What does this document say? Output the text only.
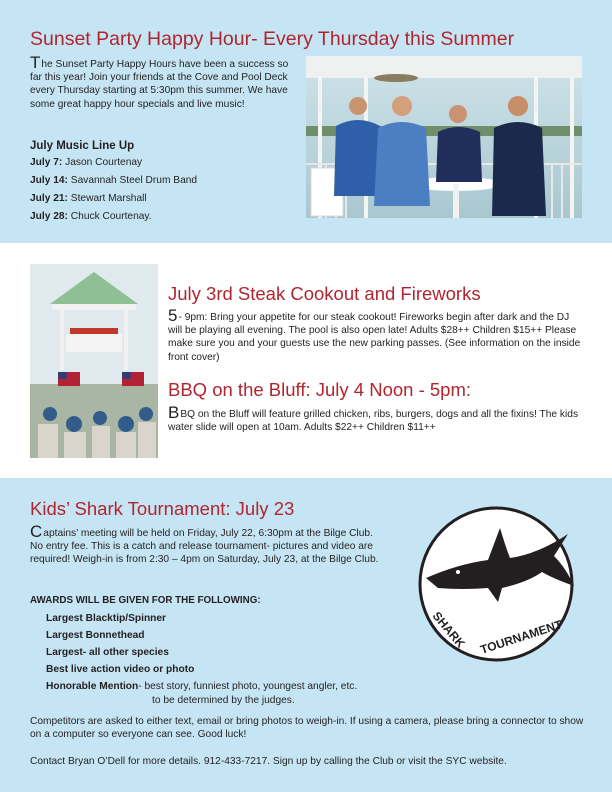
Sunset Party Happy Hour- Every Thursday this Summer

The Sunset Party Happy Hours have been a success so far this year! Join your friends at the Cove and Pool Deck every Thursday starting at 5:30pm this summer. We have some great happy hour specials and live music!

July Music Line Up
July 7: Jason Courtenay
July 14: Savannah Steel Drum Band
July 21: Stewart Marshall
July 28: Chuck Courtenay.
July 3rd Steak Cookout and Fireworks

5- 9pm: Bring your appetite for our steak cookout! Fireworks begin after dark and the DJ will be playing all evening. The pool is also open late! Adults $28++ Children $15++ Please make sure you and your guests use the new parking passes. (See information on the inside front cover)

BBQ on the Bluff: July 4 Noon - 5pm:

BBQ on the Bluff will feature grilled chicken, ribs, burgers, dogs and all the fixins! The kids water slide will open at 10am. Adults $22++ Children $11++

Kids’ Shark Tournament: July 23

Captains’ meeting will be held on Friday, July 22, 6:30pm at the Bilge Club. No entry fee. This is a catch and release tournament- pictures and video are required! Weigh-in is from 2:30 – 4pm on Saturday, July 23, at the Bilge Club.

AWARDS WILL BE GIVEN FOR THE FOLLOWING:
Largest Blacktip/Spinner
Largest Bonnethead
Largest- all other species
Best live action video or photo
Honorable Mention- best story, funniest photo, youngest angler, etc.
to be determined by the judges.

Competitors are asked to either text, email or bring photos to weigh-in. If using a camera, please bring a connector to show on a computer so everyone can see. Good luck!

Contact Bryan O’Dell for more details. 912-433-7217. Sign up by calling the Club or visit the SYC website.

SHARK TOURNAMENT
